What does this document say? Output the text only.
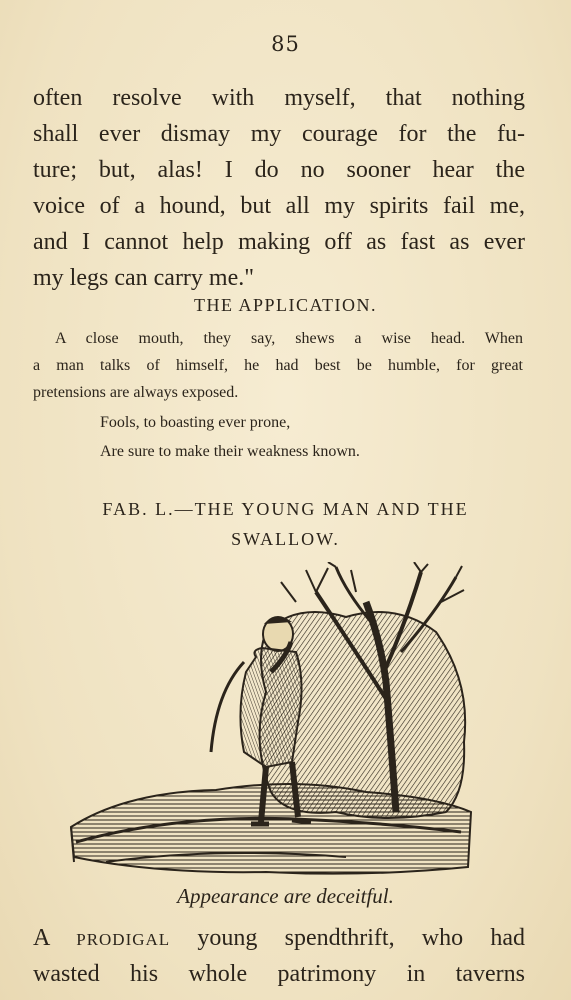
85
often resolve with myself, that nothing
shall ever dismay my courage for the fu-
ture; but, alas! I do no sooner hear the
voice of a hound, but all my spirits fail me,
and I cannot help making off as fast as ever
my legs can carry me."
THE APPLICATION.
A close mouth, they say, shews a wise head. When
a man talks of himself, he had best be humble, for great
pretensions are always exposed.
Fools, to boasting ever prone,
Are sure to make their weakness known.
FAB. L.—THE YOUNG MAN AND THE
SWALLOW.
Appearance are deceitful.
A prodigal young spendthrift, who had
wasted his whole patrimony in taverns
